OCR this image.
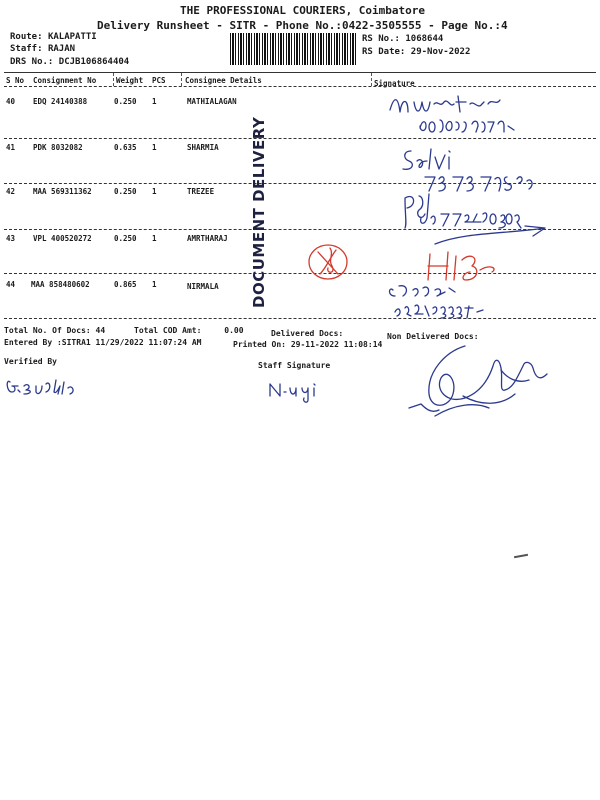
THE PROFESSIONAL COURIERS, Coimbatore
Delivery Runsheet - SITR - Phone No.:0422-3505555 - Page No.:4
Route: KALAPATTI
Staff: RAJAN
DRS No.: DCJB106864404
RS No.: 1068644
RS Date: 29-Nov-2022
S No Consignment No	Weight PCS	Consignee Details	Signature
40 EDQ 24140388	0.250 1	MATHIALAGAN
41 PDK 8032082	0.635 1	SHARMIA
42 MAA 569311362	0.250 1	TREZEE
43 VPL 400520272	0.250 1	AMRTHARAJ
44 MAA 858480602	0.865 1	NIRMALA DOCUMENT DELIVERY
Total No. Of Docs: 44	Total COD Amt:	0.00	Delivered Docs:	Non Delivered Docs:
Entered By :SITRA1 11/29/2022 11:07:24 AM	Printed On: 29-11-2022 11:08:14
Verified By	Staff Signature
